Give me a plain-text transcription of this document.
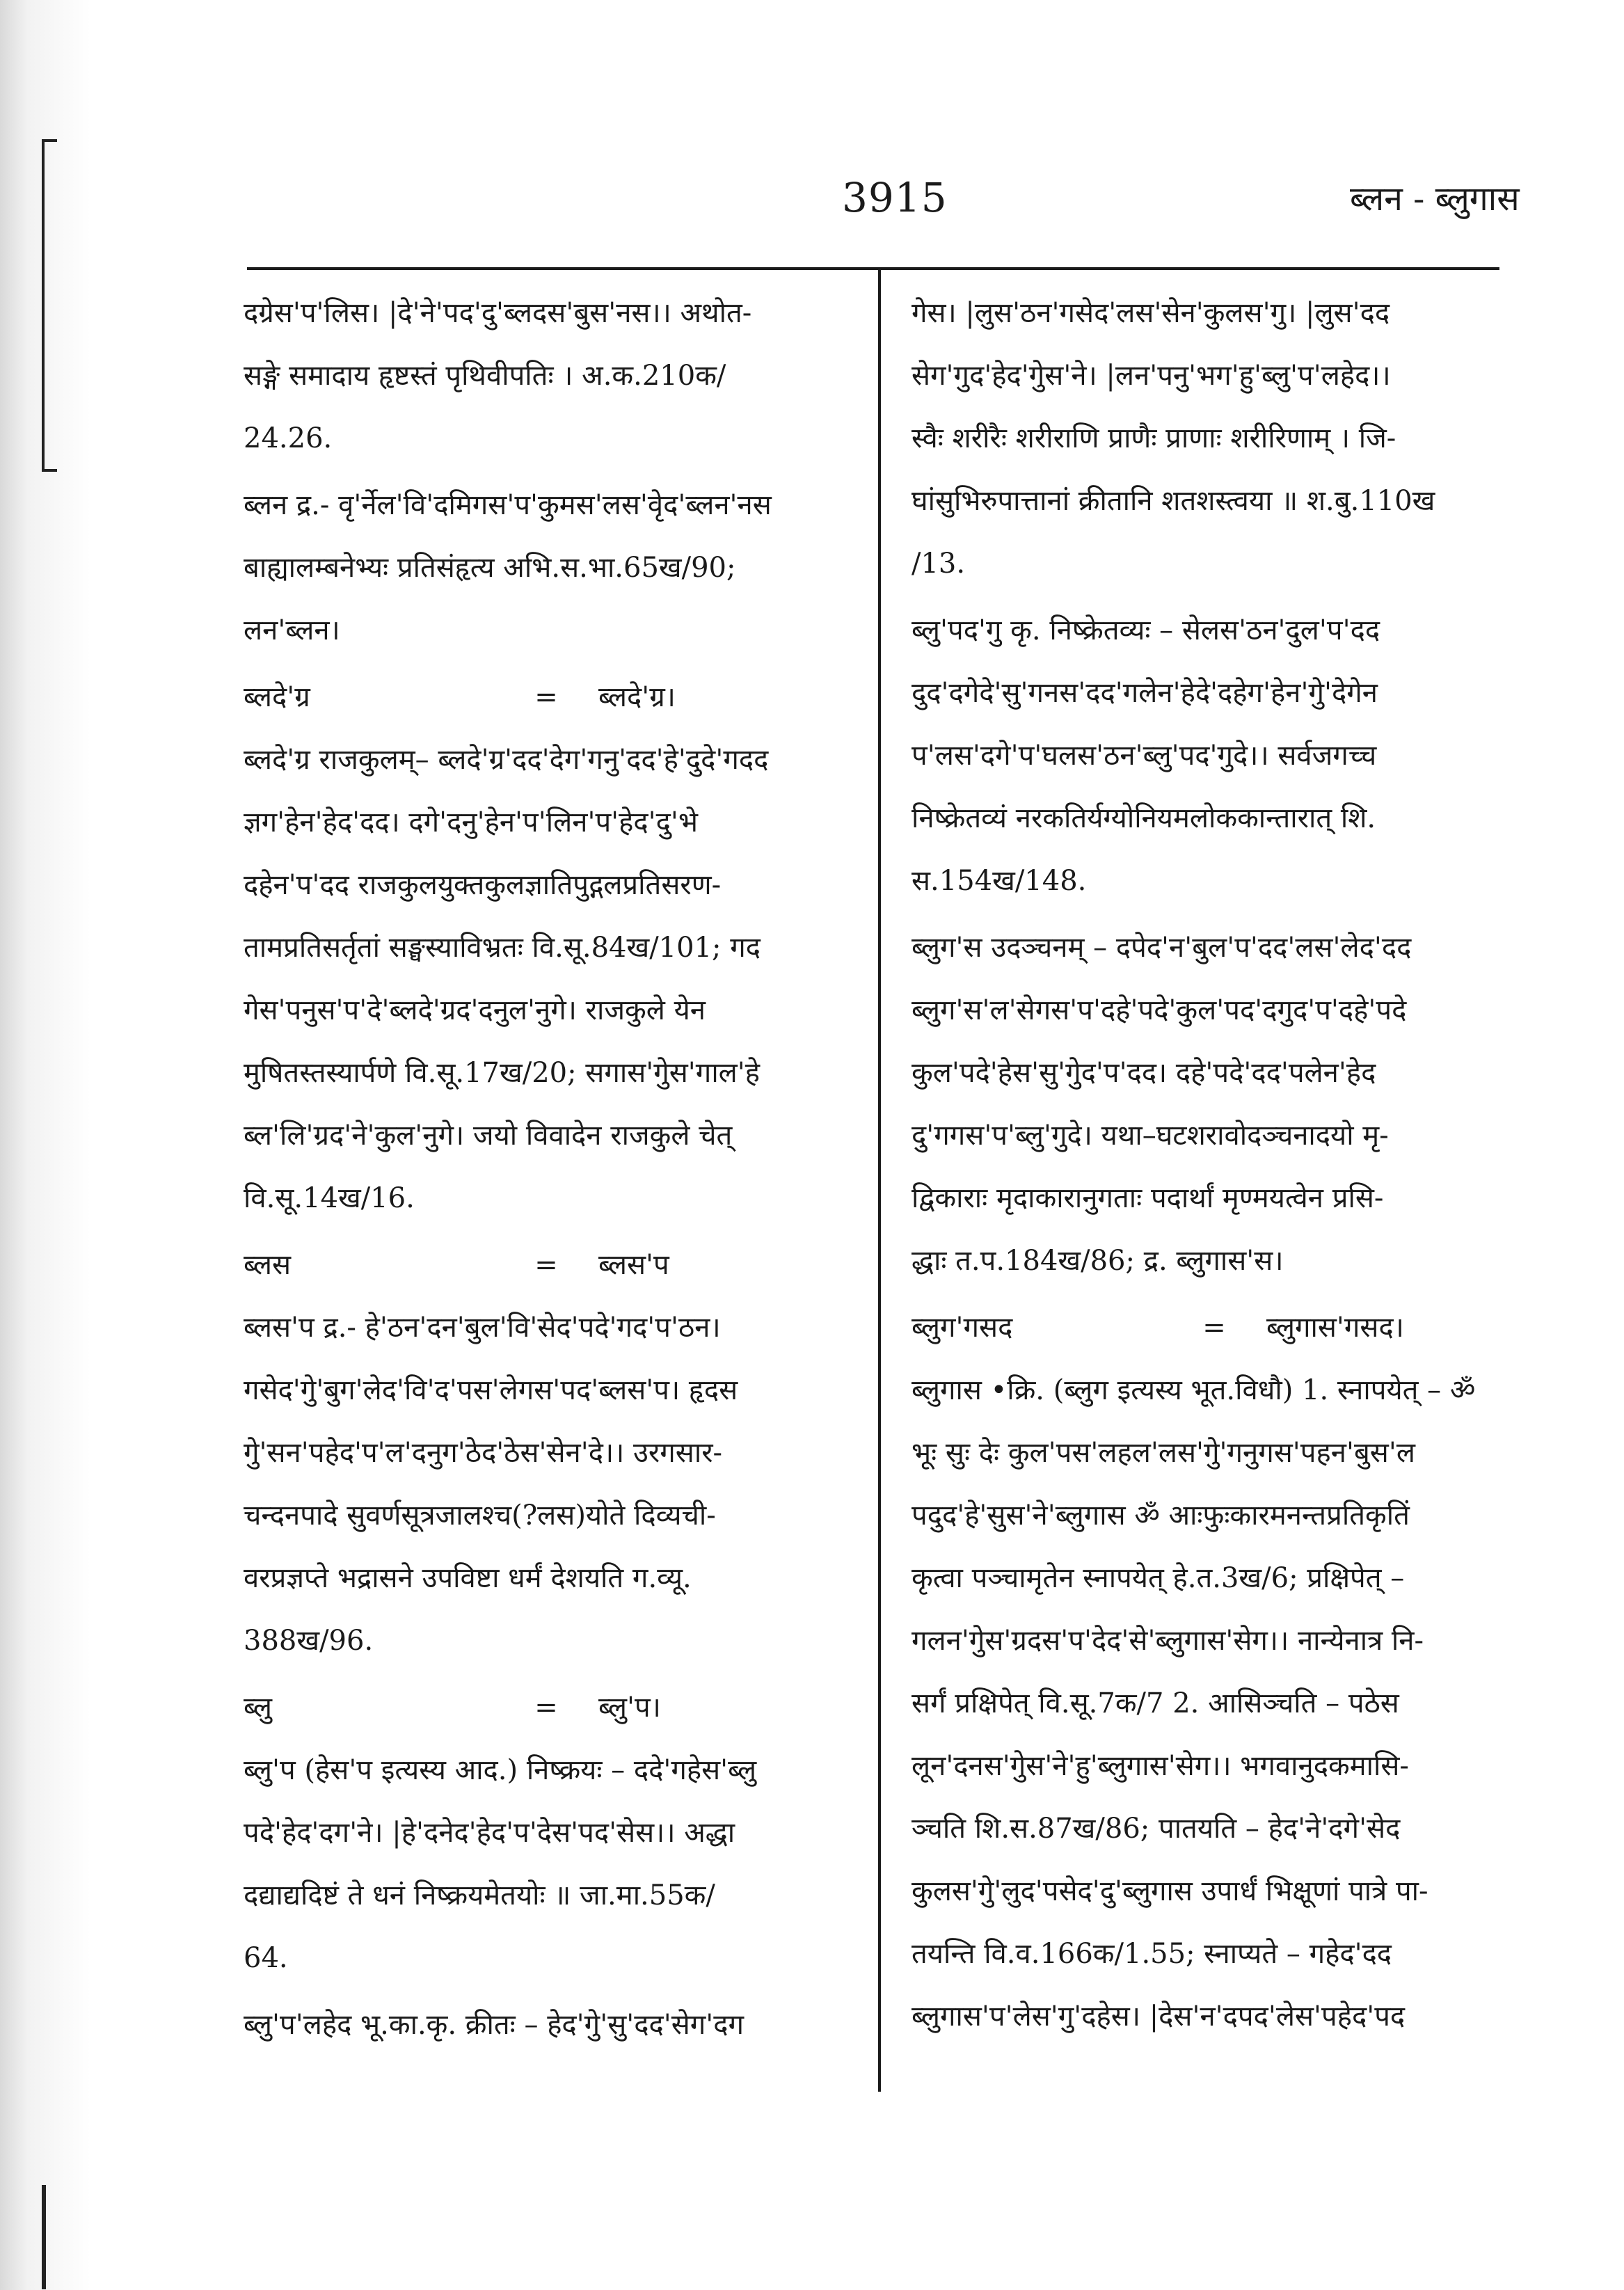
3915	ब्लन - ब्लुगास
दग्रेस'प'लिस। |दे'ने'पद'दु'ब्लदस'बुस'नस।। अथोत-
सङ्गे समादाय हृष्टस्तं पृथिवीपतिः । अ.क.210क/
24.26.
ब्लन द्र.- वृ'र्नेल'वि'दमिगस'प'कुमस'लस'वृेद'ब्लन'नस
बाह्यालम्बनेभ्यः प्रतिसंहृत्य अभि.स.भा.65ख/90;
लन'ब्लन।
ब्लदे'ग्र	=	ब्लदे'ग्र।
ब्लदे'ग्र राजकुलम्– ब्लदे'ग्र'दद'देग'गनु'दद'हे'दुदे'गदद
ज्ञग'हेन'हेद'दद। दगे'दनु'हेन'प'लिन'प'हेद'दु'भे
दहेन'प'दद राजकुलयुक्तकुलज्ञातिपुद्गलप्रतिसरण-
तामप्रतिसर्तृतां सङ्घस्याविभ्रतः वि.सू.84ख/101; गद
गेस'पनुस'प'दे'ब्लदे'ग्रद'दनुल'नुगे। राजकुले येन
मुषितस्तस्यार्पणे वि.सू.17ख/20; सगास'गुेस'गाल'हे
ब्ल'लि'ग्रद'ने'कुल'नुगे। जयो विवादेन राजकुले चेत्
वि.सू.14ख/16.
ब्लस	=	ब्लस'प
ब्लस'प द्र.- हे'ठन'दन'बुल'वि'सेद'पदे'गद'प'ठन।
गसेद'गुे'बुग'लेद'वि'द'पस'लेगस'पद'ब्लस'प। हृदस
गुे'सन'पहेद'प'ल'दनुग'ठेद'ठेस'सेन'दे।। उरगसार-
चन्दनपादे सुवर्णसूत्रजालश्च(?लस)योते दिव्यची-
वरप्रज्ञप्ते भद्रासने उपविष्टा धर्मं देशयति ग.व्यू.
388ख/96.
ब्लु	=	ब्लु'प।
ब्लु'प (हेस'प इत्यस्य आद.) निष्क्रयः – ददे'गहेस'ब्लु
पदे'हेद'दग'ने। |हे'दनेद'हेद'प'देस'पद'सेस।। अद्धा
दद्याद्यदिष्टं ते धनं निष्क्रयमेतयोः ॥ जा.मा.55क/
64.
ब्लु'प'लहेद भू.का.कृ. क्रीतः – हेद'गुे'सु'दद'सेग'दग
गेस। |लुस'ठन'गसेद'लस'सेन'कुलस'गु। |लुस'दद
सेग'गुद'हेद'गुेस'ने। |लन'पनु'भग'हु'ब्लु'प'लहेद।।
स्वैः शरीरैः शरीराणि प्राणैः प्राणाः शरीरिणाम् । जि-
घांसुभिरुपात्तानां क्रीतानि शतशस्त्वया ॥ श.बु.110ख
/13.
ब्लु'पद'गु कृ. निष्क्रेतव्यः – सेलस'ठन'दुल'प'दद
दुद'दगेदे'सु'गनस'दद'गलेन'हेदे'दहेग'हेन'गुे'देगेन
प'लस'दगे'प'घलस'ठन'ब्लु'पद'गुदे।। सर्वजगच्च
निष्क्रेतव्यं नरकतिर्यग्योनियमलोककान्तारात् शि.
स.154ख/148.
ब्लुग'स उदञ्चनम् – दपेद'न'बुल'प'दद'लस'लेद'दद
ब्लुग'स'ल'सेगस'प'दहे'पदे'कुल'पद'दगुद'प'दहे'पदे
कुल'पदे'हेस'सु'गुेद'प'दद। दहे'पदे'दद'पलेन'हेद
दु'गगस'प'ब्लु'गुदे। यथा–घटशरावोदञ्चनादयो मृ-
द्विकाराः मृदाकारानुगताः पदार्थां मृण्मयत्वेन प्रसि-
द्धाः त.प.184ख/86; द्र. ब्लुगास'स।
ब्लुग'गसद	=	ब्लुगास'गसद।
ब्लुगास •क्रि. (ब्लुग इत्यस्य भूत.विधौ) 1. स्नापयेत् – ॐ
भूः सुः देः कुल'पस'लहल'लस'गुे'गनुगस'पहन'बुस'ल
पदुद'हे'सुस'ने'ब्लुगास ॐ आःफुःकारमनन्तप्रतिकृतिं
कृत्वा पञ्चामृतेन स्नापयेत् हे.त.3ख/6; प्रक्षिपेत् –
गलन'गुेस'ग्रदस'प'देद'से'ब्लुगास'सेग।। नान्येनात्र नि-
सर्गं प्रक्षिपेत् वि.सू.7क/7 2. आसिञ्चति – पठेस
लून'दनस'गुेस'ने'हु'ब्लुगास'सेग।। भगवानुदकमासि-
ञ्चति शि.स.87ख/86; पातयति – हेद'ने'दगे'सेद
कुलस'गुे'लुद'पसेद'दु'ब्लुगास उपार्धं भिक्षूणां पात्रे पा-
तयन्ति वि.व.166क/1.55; स्नाप्यते – गहेद'दद
ब्लुगास'प'लेस'गु'दहेस। |देस'न'दपद'लेस'पहेद'पद
